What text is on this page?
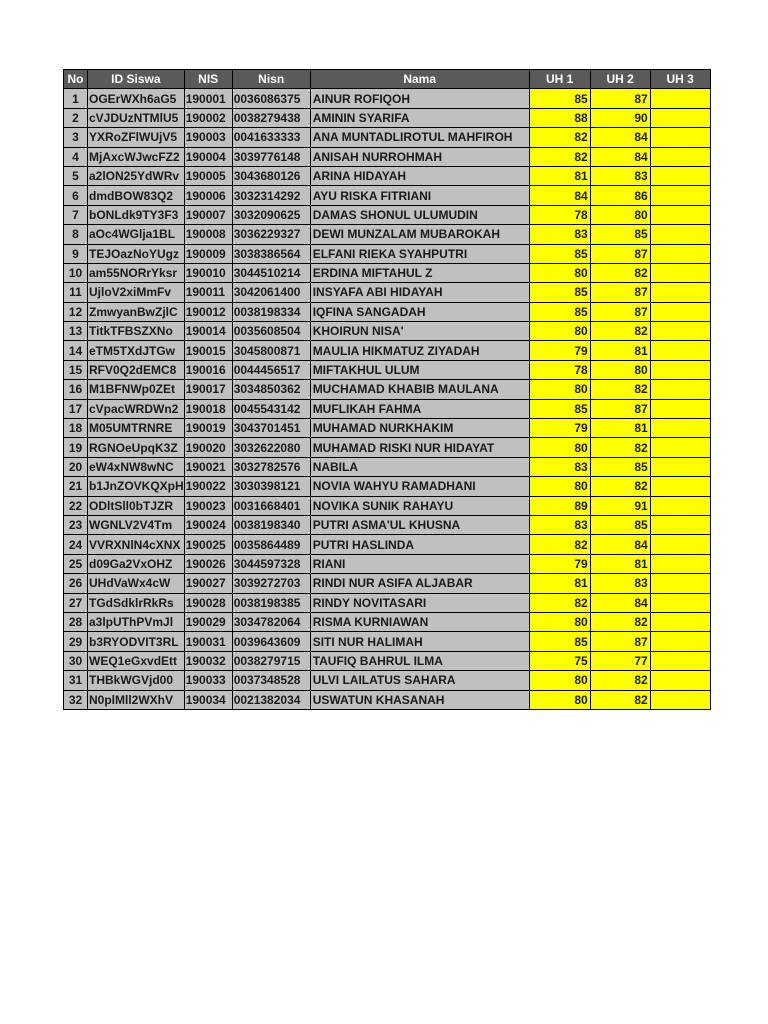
No	ID Siswa	NIS	Nisn	Nama	UH 1	UH 2	UH 3
1	OGErWXh6aG5	190001	0036086375	AINUR ROFIQOH	85	87	
2	cVJDUzNTMlU5	190002	0038279438	AMININ SYARIFA	88	90	
3	YXRoZFlWUjV5	190003	0041633333	ANA MUNTADLIROTUL MAHFIROH	82	84	
4	MjAxcWJwcFZ2	190004	3039776148	ANISAH NURROHMAH	82	84	
5	a2lON25YdWRv	190005	3043680126	ARINA HIDAYAH	81	83	
6	dmdBOW83Q2	190006	3032314292	AYU RISKA FITRIANI	84	86	
7	bONLdk9TY3F3	190007	3032090625	DAMAS SHONUL ULUMUDIN	78	80	
8	aOc4WGlja1BL	190008	3036229327	DEWI MUNZALAM MUBAROKAH	83	85	
9	TEJOazNoYUgz	190009	3038386564	ELFANI RIEKA SYAHPUTRI	85	87	
10	am55NORrYksr	190010	3044510214	ERDINA MIFTAHUL Z	80	82	
11	UjloV2xiMmFv	190011	3042061400	INSYAFA ABI HIDAYAH	85	87	
12	ZmwyanBwZjlC	190012	0038198334	IQFINA SANGADAH	85	87	
13	TitkTFBSZXNo	190014	0035608504	KHOIRUN NISA'	80	82	
14	eTM5TXdJTGw	190015	3045800871	MAULIA HIKMATUZ ZIYADAH	79	81	
15	RFV0Q2dEMC8	190016	0044456517	MIFTAKHUL ULUM	78	80	
16	M1BFNWp0ZEt	190017	3034850362	MUCHAMAD KHABIB MAULANA	80	82	
17	cVpacWRDWn2	190018	0045543142	MUFLIKAH FAHMA	85	87	
18	M05UMTRNRE	190019	3043701451	MUHAMAD NURKHAKIM	79	81	
19	RGNOeUpqK3Z	190020	3032622080	MUHAMAD RISKI NUR HIDAYAT	80	82	
20	eW4xNW8wNC	190021	3032782576	NABILA	83	85	
21	b1JnZOVKQXpH	190022	3030398121	NOVIA WAHYU RAMADHANI	80	82	
22	ODltSll0bTJZR	190023	0031668401	NOVIKA SUNIK RAHAYU	89	91	
23	WGNLV2V4Tm	190024	0038198340	PUTRI ASMA'UL KHUSNA	83	85	
24	VVRXNlN4cXNX	190025	0035864489	PUTRI HASLINDA	82	84	
25	d09Ga2VxOHZ	190026	3044597328	RIANI	79	81	
26	UHdVaWx4cW	190027	3039272703	RINDI NUR ASIFA ALJABAR	81	83	
27	TGdSdklrRkRs	190028	0038198385	RINDY NOVITASARI	82	84	
28	a3lpUThPVmJl	190029	3034782064	RISMA KURNIAWAN	80	82	
29	b3RYODVIT3RL	190031	0039643609	SITI NUR HALIMAH	85	87	
30	WEQ1eGxvdEtt	190032	0038279715	TAUFIQ BAHRUL ILMA	75	77	
31	THBkWGVjd00	190033	0037348528	ULVI LAILATUS SAHARA	80	82	
32	N0plMll2WXhV	190034	0021382034	USWATUN KHASANAH	80	82	
